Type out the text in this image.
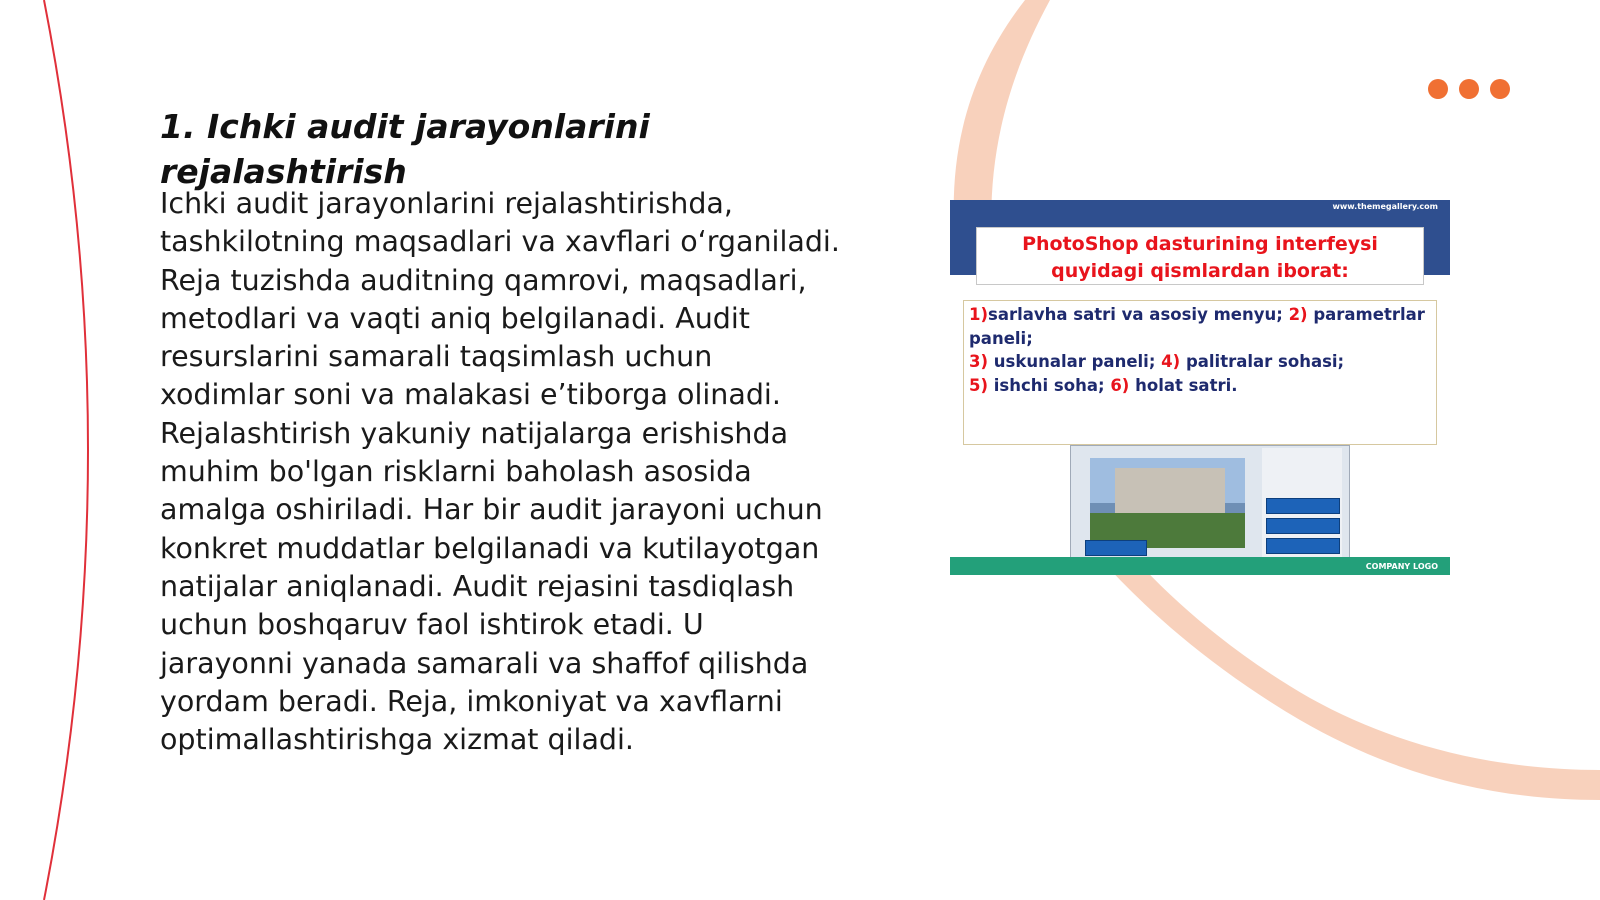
1. Ichki audit jarayonlarini rejalashtirish

Ichki audit jarayonlarini rejalashtirishda, tashkilotning maqsadlari va xavflari o‘rganiladi. Reja tuzishda auditning qamrovi, maqsadlari, metodlari va vaqti aniq belgilanadi. Audit resurslarini samarali taqsimlash uchun xodimlar soni va malakasi e’tiborga olinadi. Rejalashtirish yakuniy natijalarga erishishda muhim bo'lgan risklarni baholash asosida amalga oshiriladi. Har bir audit jarayoni uchun konkret muddatlar belgilanadi va kutilayotgan natijalar aniqlanadi. Audit rejasini tasdiqlash uchun boshqaruv faol ishtirok etadi. U jarayonni yanada samarali va shaffof qilishda yordam beradi. Reja, imkoniyat va xavflarni optimallashtirishga xizmat qiladi.

www.themegallery.com
PhotoShop dasturining interfeysi quyidagi qismlardan iborat:
1)sarlavha satri va asosiy menyu; 2) parametrlar paneli;
3) uskunalar paneli; 4) palitralar sohasi;
5) ishchi soha; 6) holat satri.
COMPANY LOGO
